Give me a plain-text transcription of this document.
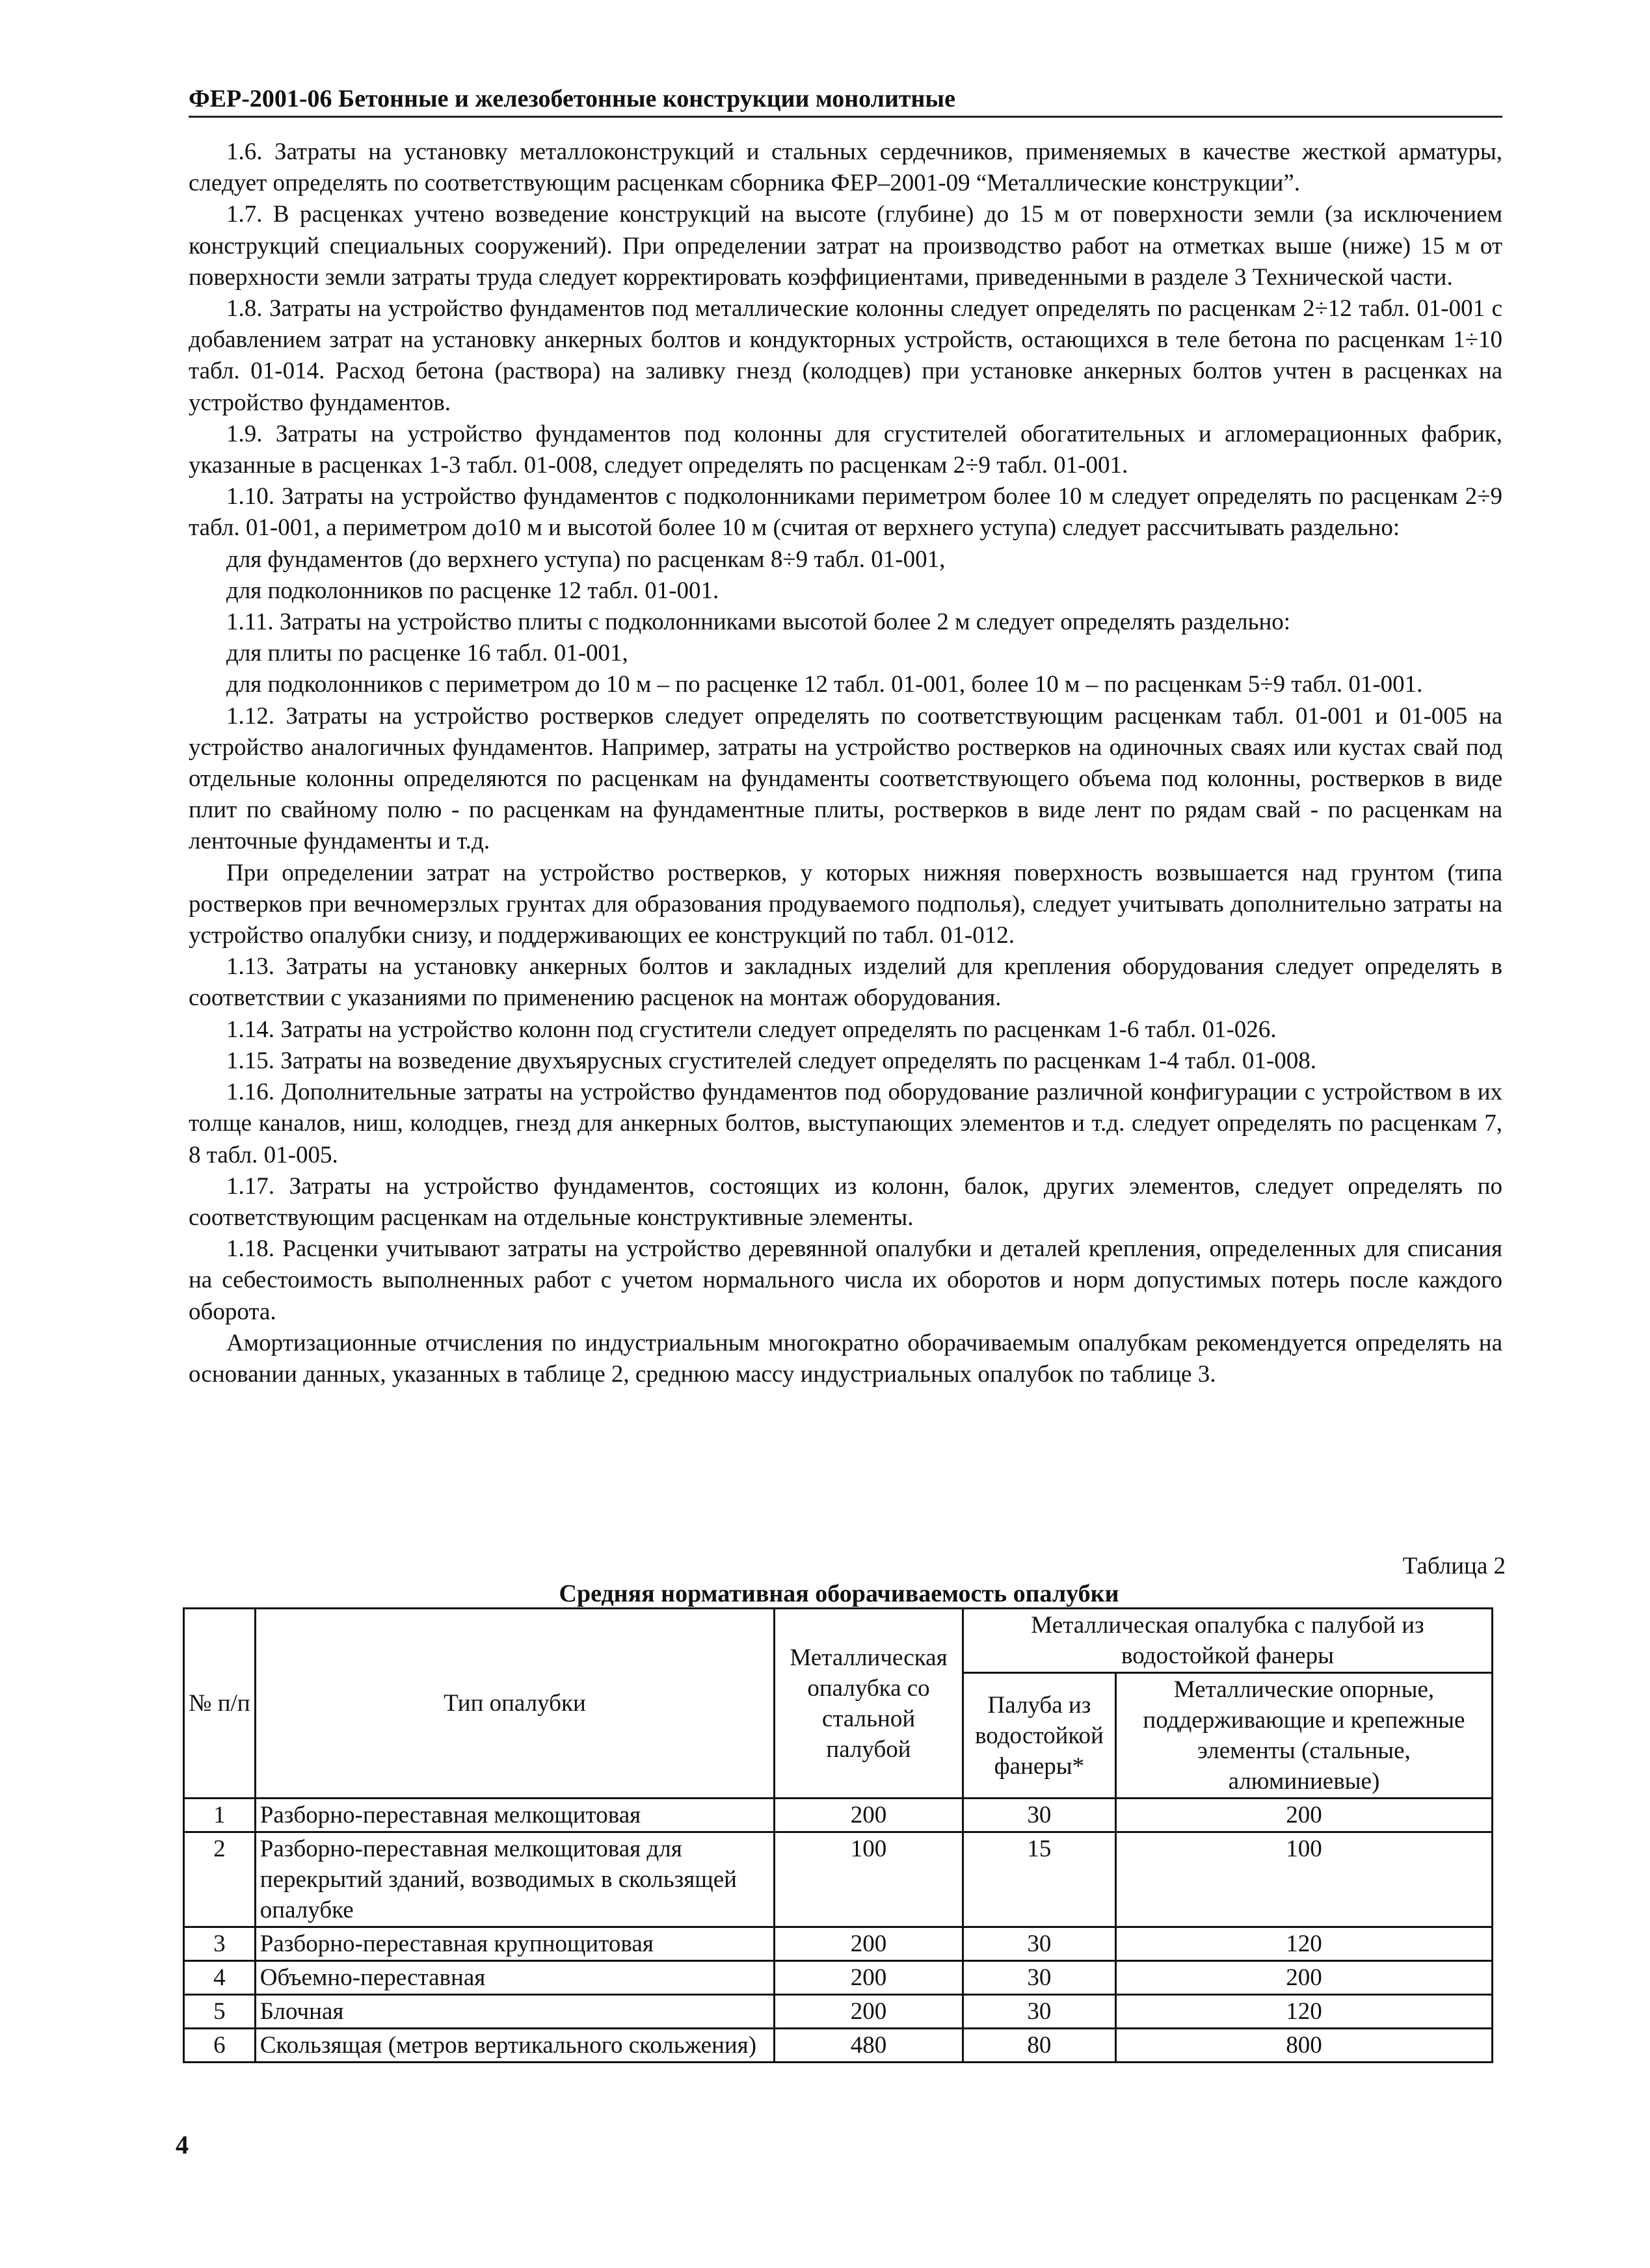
ФЕР-2001-06 Бетонные и железобетонные конструкции монолитные

1.6. Затраты на установку металлоконструкций и стальных сердечников, применяемых в качестве жесткой арматуры, следует определять по соответствующим расценкам сборника ФЕР–2001-09 “Металлические конструкции”.

1.7. В расценках учтено возведение конструкций на высоте (глубине) до 15 м от поверхности земли (за исключением конструкций специальных сооружений). При определении затрат на производство работ на отметках выше (ниже) 15 м от поверхности земли затраты труда следует корректировать коэффициентами, приведенными в разделе 3 Технической части.

1.8. Затраты на устройство фундаментов под металлические колонны следует определять по расценкам 2÷12 табл. 01-001 с добавлением затрат на установку анкерных болтов и кондукторных устройств, остающихся в теле бетона по расценкам 1÷10 табл. 01-014. Расход бетона (раствора) на заливку гнезд (колодцев) при установке анкерных болтов учтен в расценках на устройство фундаментов.

1.9. Затраты на устройство фундаментов под колонны для сгустителей обогатительных и агломерационных фабрик, указанные в расценках 1-3 табл. 01-008, следует определять по расценкам 2÷9 табл. 01-001.

1.10. Затраты на устройство фундаментов с подколонниками периметром более 10 м следует определять по расценкам 2÷9 табл. 01-001, а периметром до10 м и высотой более 10 м (считая от верхнего уступа) следует рассчитывать раздельно:

для фундаментов (до верхнего уступа) по расценкам 8÷9 табл. 01-001,

для подколонников по расценке 12 табл. 01-001.

1.11. Затраты на устройство плиты с подколонниками высотой более 2 м следует определять раздельно:

для плиты по расценке 16 табл. 01-001,

для подколонников с периметром до 10 м – по расценке 12 табл. 01-001, более 10 м – по расценкам 5÷9 табл. 01-001.

1.12. Затраты на устройство ростверков следует определять по соответствующим расценкам табл. 01-001 и 01-005 на устройство аналогичных фундаментов. Например, затраты на устройство ростверков на одиночных сваях или кустах свай под отдельные колонны определяются по расценкам на фундаменты соответствующего объема под колонны, ростверков в виде плит по свайному полю - по расценкам на фундаментные плиты, ростверков в виде лент по рядам свай - по расценкам на ленточные фундаменты и т.д.

При определении затрат на устройство ростверков, у которых нижняя поверхность возвышается над грунтом (типа ростверков при вечномерзлых грунтах для образования продуваемого подполья), следует учитывать дополнительно затраты на устройство опалубки снизу, и поддерживающих ее конструкций по табл. 01-012.

1.13. Затраты на установку анкерных болтов и закладных изделий для крепления оборудования следует определять в соответствии с указаниями по применению расценок на монтаж оборудования.

1.14. Затраты на устройство колонн под сгустители следует определять по расценкам 1-6 табл. 01-026.

1.15. Затраты на возведение двухъярусных сгустителей следует определять по расценкам 1-4 табл. 01-008.

1.16. Дополнительные затраты на устройство фундаментов под оборудование различной конфигурации с устройством в их толще каналов, ниш, колодцев, гнезд для анкерных болтов, выступающих элементов и т.д. следует определять по расценкам 7, 8 табл. 01-005.

1.17. Затраты на устройство фундаментов, состоящих из колонн, балок, других элементов, следует определять по соответствующим расценкам на отдельные конструктивные элементы.

1.18. Расценки учитывают затраты на устройство деревянной опалубки и деталей крепления, определенных для списания на себестоимость выполненных работ с учетом нормального числа их оборотов и норм допустимых потерь после каждого оборота.

Амортизационные отчисления по индустриальным многократно оборачиваемым опалубкам рекомендуется определять на основании данных, указанных в таблице 2, среднюю массу индустриальных опалубок по таблице 3.

Таблица 2
Средняя нормативная оборачиваемость опалубки
№ п/п	Тип опалубки	Металлическая опалубка со стальной палубой	Металлическая опалубка с палубой из водостойкой фанеры	
			Палуба из водостойкой фанеры*	Металлические опорные, поддерживающие и крепежные элементы (стальные, алюминиевые)
1	Разборно-переставная мелкощитовая	200	30	200
2	Разборно-переставная мелкощитовая для перекрытий зданий, возводимых в скользящей опалубке	100	15	100
3	Разборно-переставная крупнощитовая	200	30	120
4	Объемно-переставная	200	30	200
5	Блочная	200	30	120
6	Скользящая (метров вертикального скольжения)	480	80	800
4
